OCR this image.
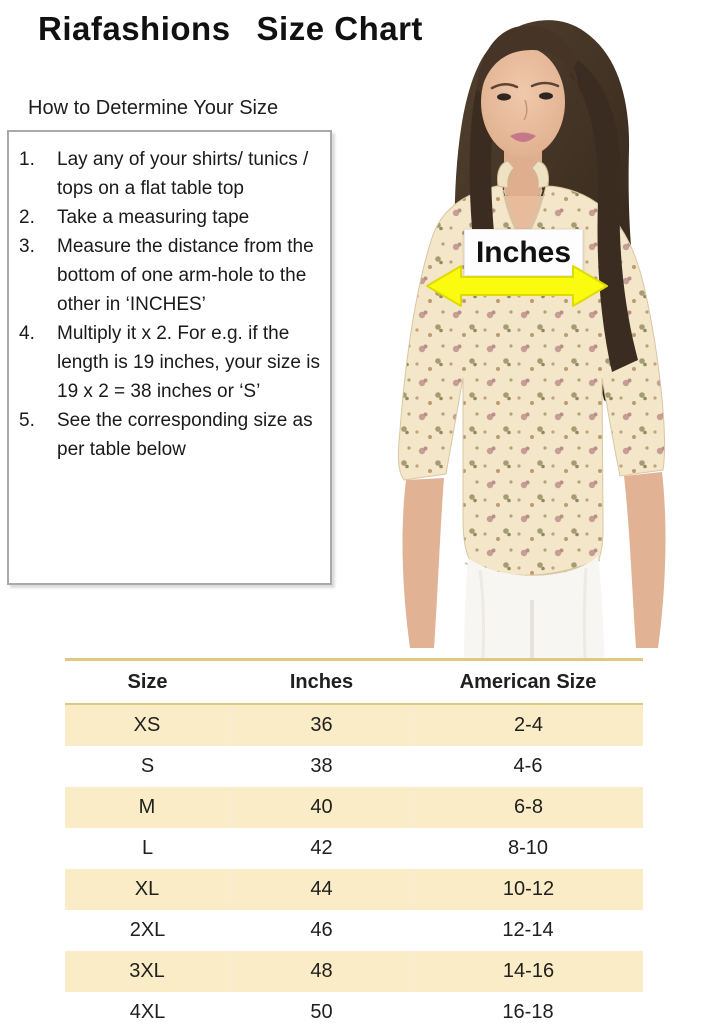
Riafashions Size Chart
How to Determine Your Size
1.	Lay any of your shirts/ tunics / tops on a flat table top
2.	Take a measuring tape
3.	Measure the distance from the bottom of one arm-hole to the other in ‘INCHES’
4.	Multiply it x 2. For e.g. if the length is 19 inches, your size is 19 x 2 = 38 inches or ‘S’
5.	See the corresponding size as per table below
Inches
Size	Inches	American Size
XS	36	2-4
S	38	4-6
M	40	6-8
L	42	8-10
XL	44	10-12
2XL	46	12-14
3XL	48	14-16
4XL	50	16-18
